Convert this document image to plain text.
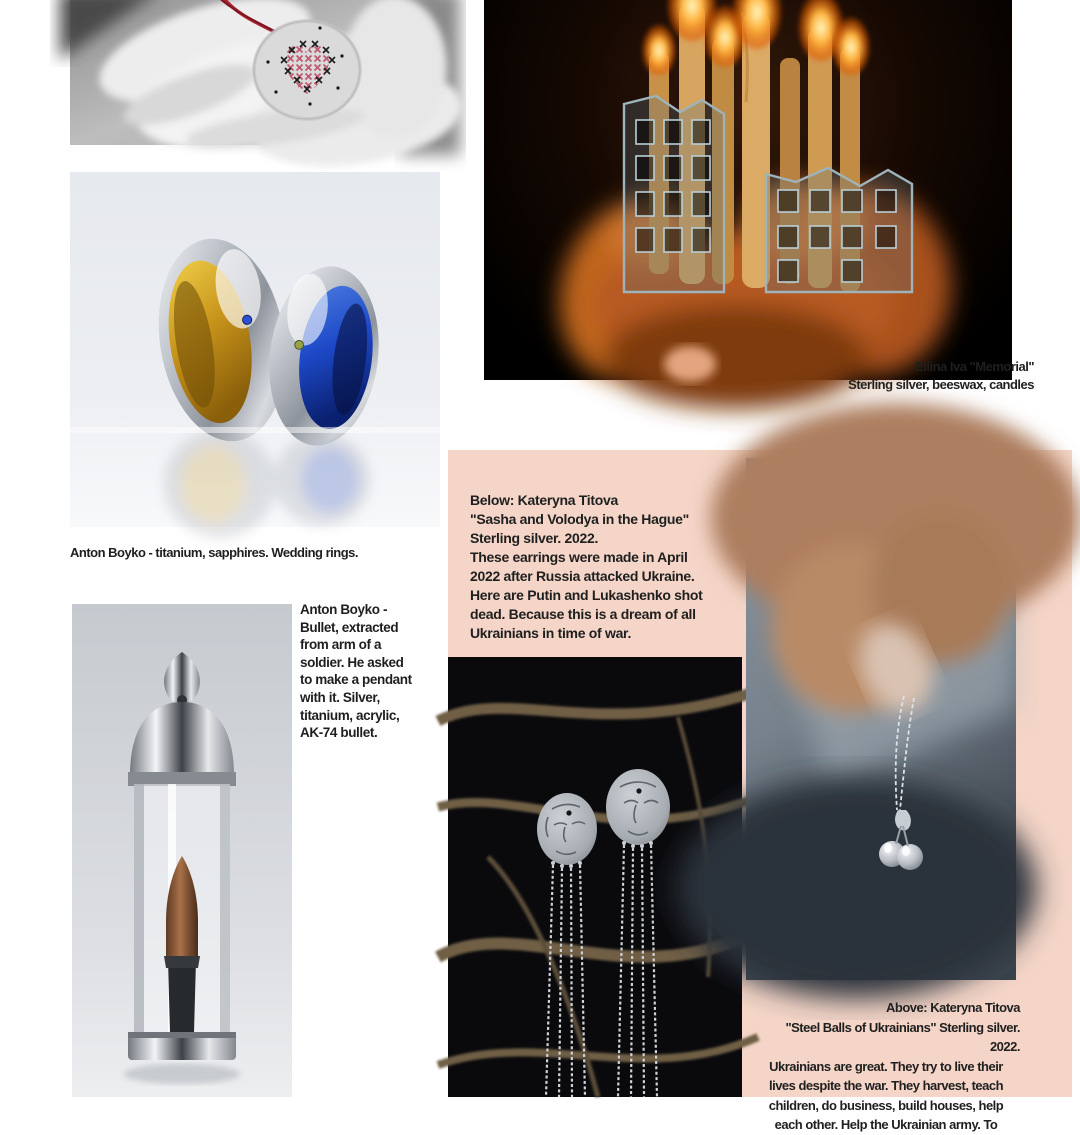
Ellina Iva "Memorial"
Sterling silver, beeswax, candles
Anton Boyko - titanium, sapphires. Wedding rings.
Anton Boyko -
Bullet, extracted
from arm of a
soldier. He asked
to make a pendant
with it. Silver,
titanium, acrylic,
AK-74 bullet.
Below: Kateryna Titova
"Sasha and Volodya in the Hague"
Sterling silver. 2022.
These earrings were made in April
2022 after Russia attacked Ukraine.
Here are Putin and Lukashenko shot
dead. Because this is a dream of all
Ukrainians in time of war.
Above: Kateryna Titova
"Steel Balls of Ukrainians" Sterling silver.
2022.
Ukrainians are great. They try to live their
lives despite the war. They harvest, teach
children, do business, build houses, help
each other. Help the Ukrainian army. To
